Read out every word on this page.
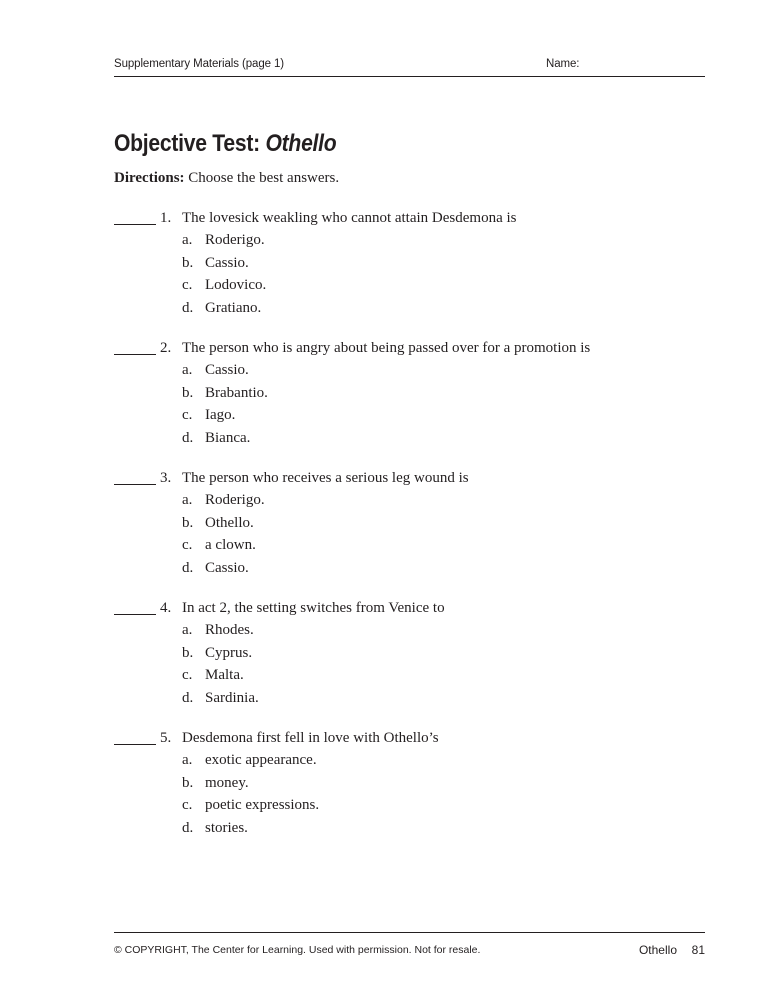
Supplementary Materials (page 1)	Name:
Objective Test: Othello
Directions: Choose the best answers.
1. The lovesick weakling who cannot attain Desdemona is
a. Roderigo.
b. Cassio.
c. Lodovico.
d. Gratiano.
2. The person who is angry about being passed over for a promotion is
a. Cassio.
b. Brabantio.
c. Iago.
d. Bianca.
3. The person who receives a serious leg wound is
a. Roderigo.
b. Othello.
c. a clown.
d. Cassio.
4. In act 2, the setting switches from Venice to
a. Rhodes.
b. Cyprus.
c. Malta.
d. Sardinia.
5. Desdemona first fell in love with Othello’s
a. exotic appearance.
b. money.
c. poetic expressions.
d. stories.
© COPYRIGHT, The Center for Learning. Used with permission. Not for resale.	Othello 81
